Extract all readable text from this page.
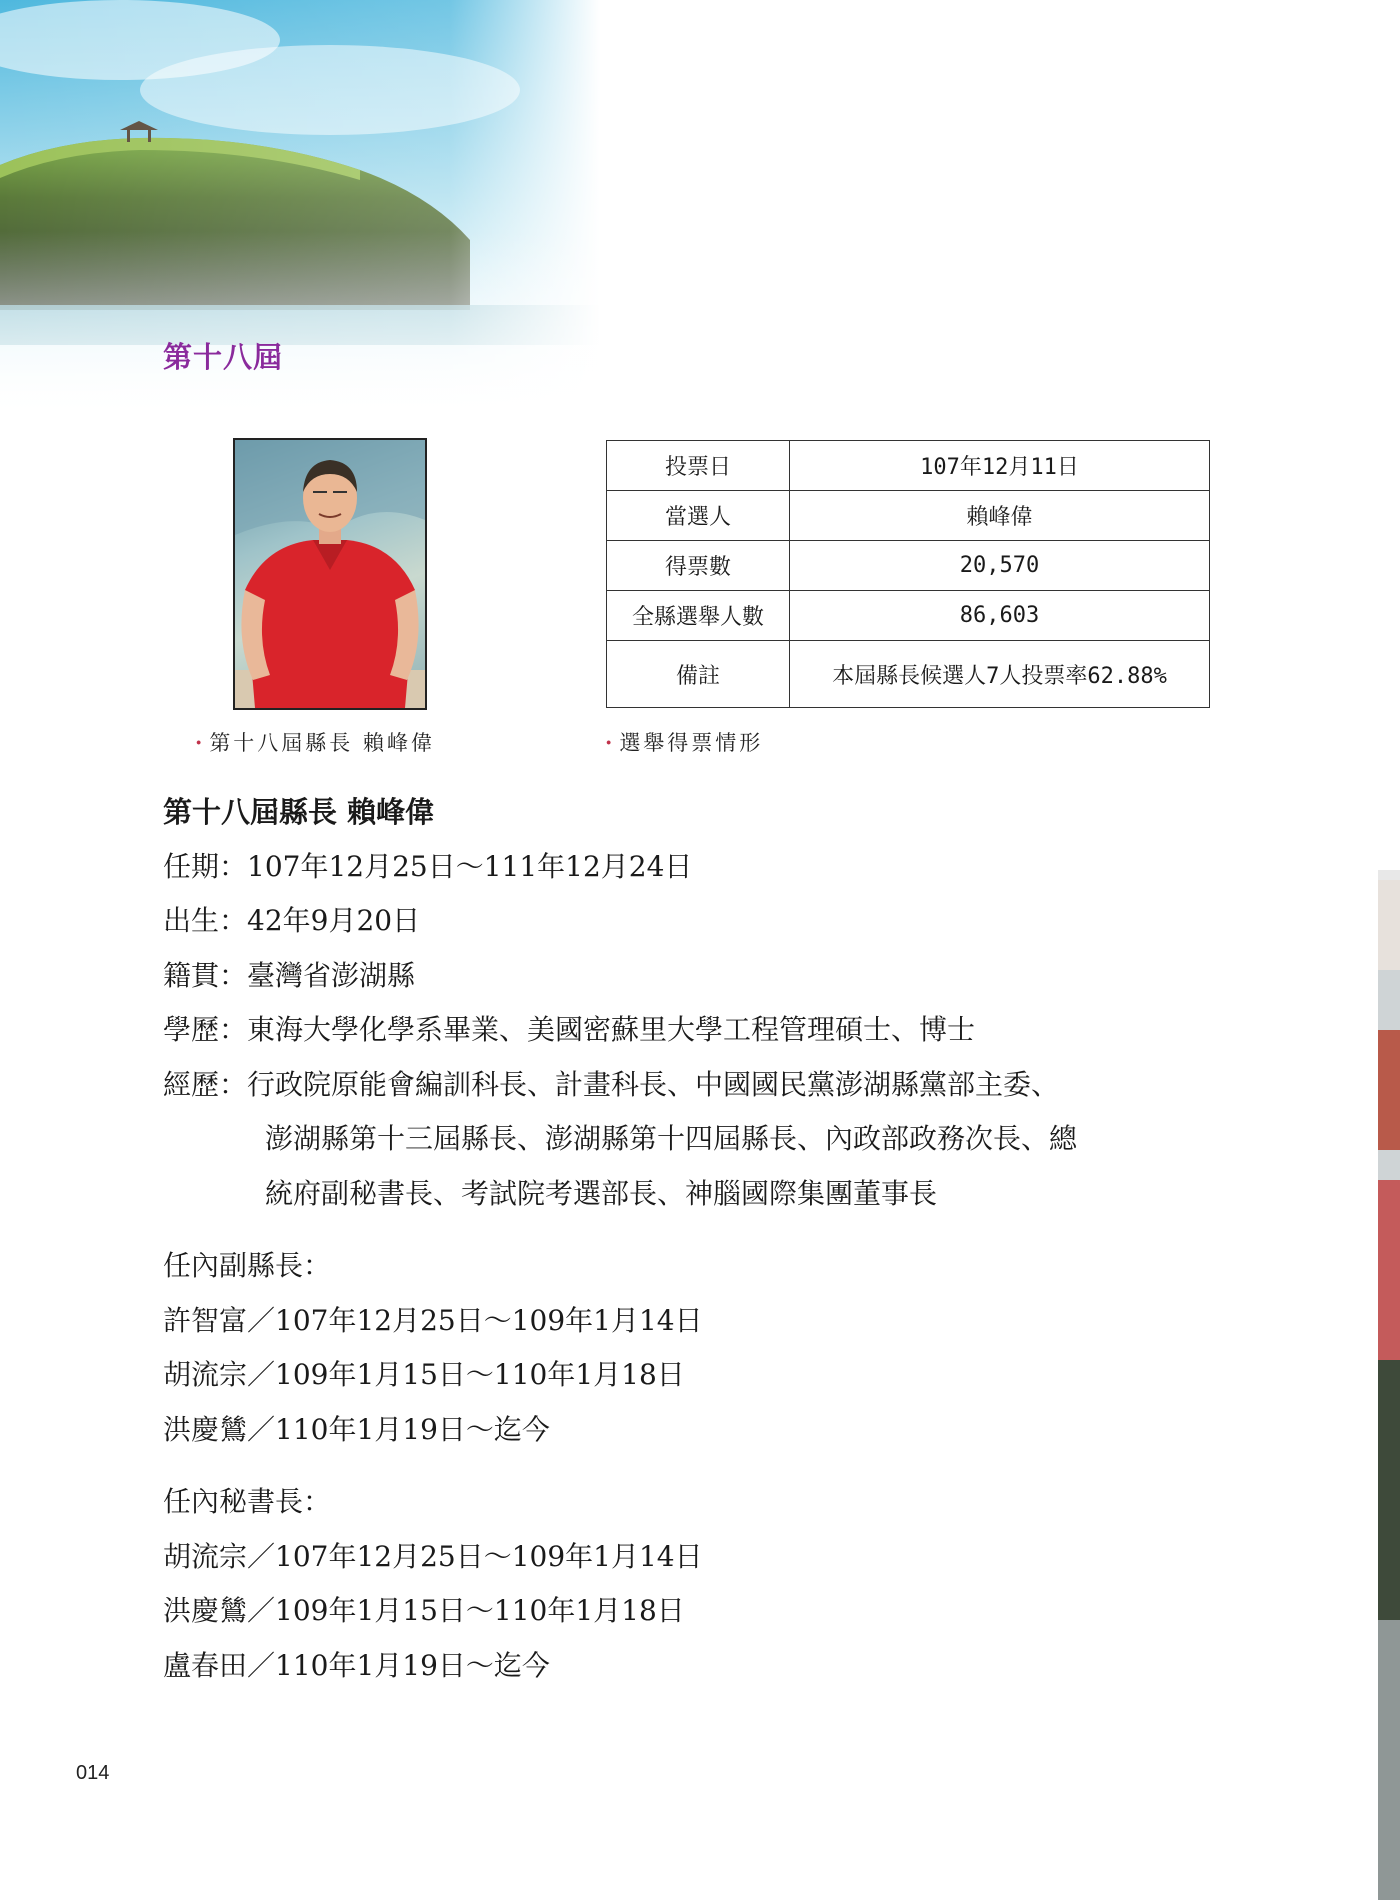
第十八屆
· 第十八屆縣長 賴峰偉
投票日	107年12月11日
當選人	賴峰偉
得票數	20,570
全縣選舉人數	86,603
備註	本屆縣長候選人7人投票率62.88%
· 選舉得票情形
第十八屆縣長 賴峰偉
任期：107年12月25日～111年12月24日
出生：42年9月20日
籍貫：臺灣省澎湖縣
學歷：東海大學化學系畢業、美國密蘇里大學工程管理碩士、博士
經歷：行政院原能會編訓科長、計畫科長、中國國民黨澎湖縣黨部主委、
澎湖縣第十三屆縣長、澎湖縣第十四屆縣長、內政部政務次長、總
統府副秘書長、考試院考選部長、神腦國際集團董事長
任內副縣長：
許智富／107年12月25日～109年1月14日
胡流宗／109年1月15日～110年1月18日
洪慶鷥／110年1月19日～迄今
任內秘書長：
胡流宗／107年12月25日～109年1月14日
洪慶鷥／109年1月15日～110年1月18日
盧春田／110年1月19日～迄今
014
